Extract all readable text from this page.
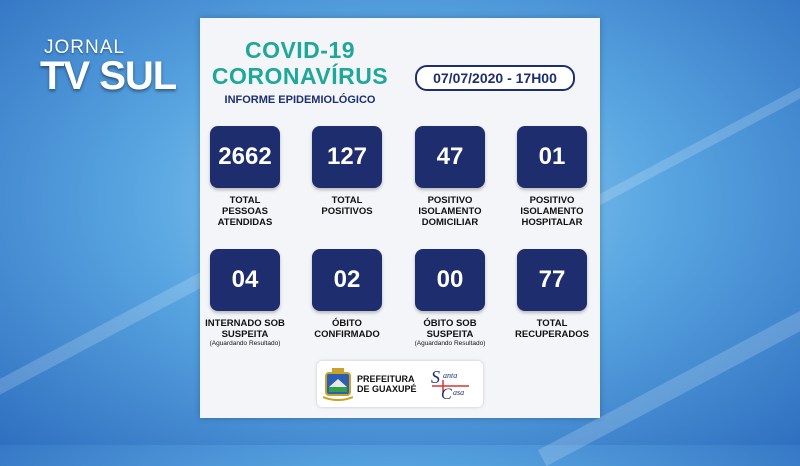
JORNAL
TV SUL
COVID-19
CORONAVÍRUS
INFORME EPIDEMIOLÓGICO
07/07/2020 - 17H00
2662
TOTAL
PESSOAS
ATENDIDAS
127
TOTAL
POSITIVOS
47
POSITIVO
ISOLAMENTO
DOMICILIAR
01
POSITIVO
ISOLAMENTO
HOSPITALAR
04
INTERNADO SOB
SUSPEITA
(Aguardando Resultado)
02
ÓBITO
CONFIRMADO
00
ÓBITO SOB
SUSPEITA
(Aguardando Resultado)
77
TOTAL
RECUPERADOS
PREFEITURA
DE GUAXUPÉ
S anta
C asa
